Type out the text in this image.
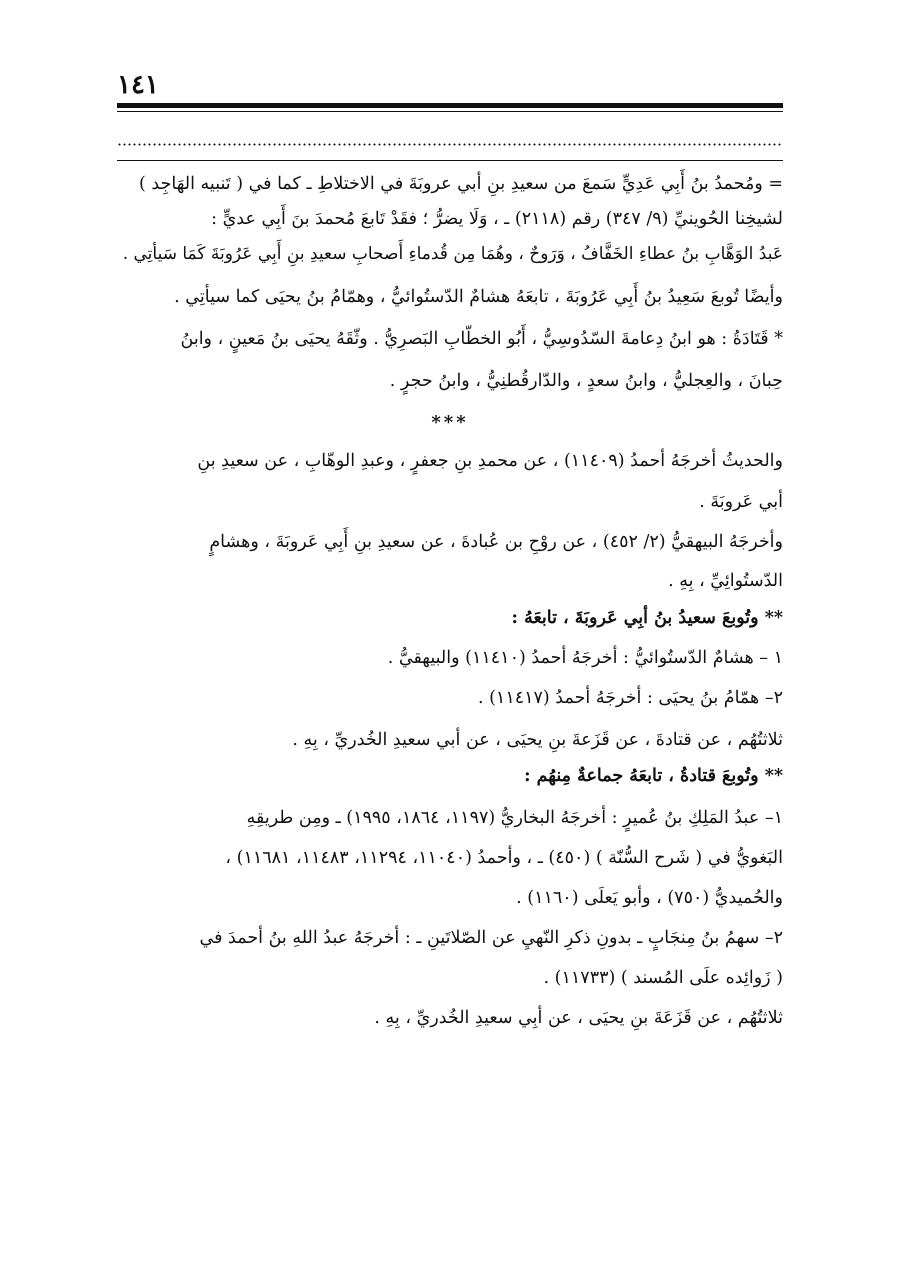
١٤١
= ومُحمدُ بنُ أَبِي عَدِيٍّ سَمعَ من سعيدِ بنِ أبي عروبَةَ في الاختلاطِ ـ كما في ( تَنبيه الهَاجِد )
لشيخِنا الحُوينيِّ (٩/ ٣٤٧) رقم (٢١١٨) ـ ، وَلَا يضرُّ ؛ فقَدْ تَابعَ مُحمدَ بنَ أَبِي عديٍّ :
عَبدُ الوَهَّابِ بنُ عطاءِ الخَفَّافُ ، وَرَوحٌ ، وهُمَا مِن قُدماءِ أَصحابِ سعيدِ بنِ أَبِي عَرُوبَةَ كَمَا سَيأتِي .
وأيضًا تُوبعَ سَعِيدُ بنُ أَبِي عَرُوبَةَ ، تابعَهُ هشامٌ الدّستُوائيُّ ، وهمّامُ بنُ يحيَى كما سيأتِي .
* قَتَادَةُ : هو ابنُ دِعامةَ السّدُوسِيُّ ، أَبُو الخطّابِ البَصرِيُّ . وثّقَهُ يحيَى بنُ مَعينٍ ، وابنُ
حِبانَ ، والعِجليُّ ، وابنُ سعدٍ ، والدّارقُطنِيُّ ، وابنُ حجرٍ .
***
والحديثُ أخرجَهُ أحمدُ (١١٤٠٩) ، عن محمدِ بنِ جعفرٍ ، وعبدِ الوهّابِ ، عن سعيدِ بنِ
أبي عَروبَةَ .
وأخرجَهُ البيهقيُّ (٢/ ٤٥٢) ، عن روْحِ بن عُبادةَ ، عن سعيدِ بنِ أَبِي عَروبَةَ ، وهشامٍ
الدّستُوائِيِّ ، بِهِ .
** وتُوبعَ سعيدُ بنُ أبِي عَروبَةَ ، تابعَهُ :
١ – هشامٌ الدّستُوائيُّ : أخرجَهُ أحمدُ (١١٤١٠) والبيهقيُّ .
٢– همّامُ بنُ يحيَى : أخرجَهُ أحمدُ (١١٤١٧) .
ثلاثتُهُم ، عن قتادةَ ، عن قَزَعةَ بنِ يحيَى ، عن أبي سعيدِ الخُدريِّ ، بِهِ .
** وتُوبعَ قتادةُ ، تابعَهُ جماعةٌ مِنهُم :
١– عبدُ المَلِكِ بنُ عُميرٍ : أخرجَهُ البخاريُّ (١١٩٧، ١٨٦٤، ١٩٩٥) ـ ومِن طريقِهِ
البَغويُّ في ( شَرح السُّنّة ) (٤٥٠) ـ ، وأحمدُ (١١٠٤٠، ١١٢٩٤، ١١٤٨٣، ١١٦٨١) ،
والحُميديُّ (٧٥٠) ، وأبو يَعلَى (١١٦٠) .
٢– سهمُ بنُ مِنجَابٍ ـ بدونِ ذكرِ النّهيِ عن الصّلاتَينِ ـ : أخرجَهُ عبدُ اللهِ بنُ أحمدَ في
( زَوائِده علَى المُسند ) (١١٧٣٣) .
ثلاثتُهُم ، عن قَزَعَةَ بنِ يحيَى ، عن أبِي سعيدِ الخُدريِّ ، بِهِ .
